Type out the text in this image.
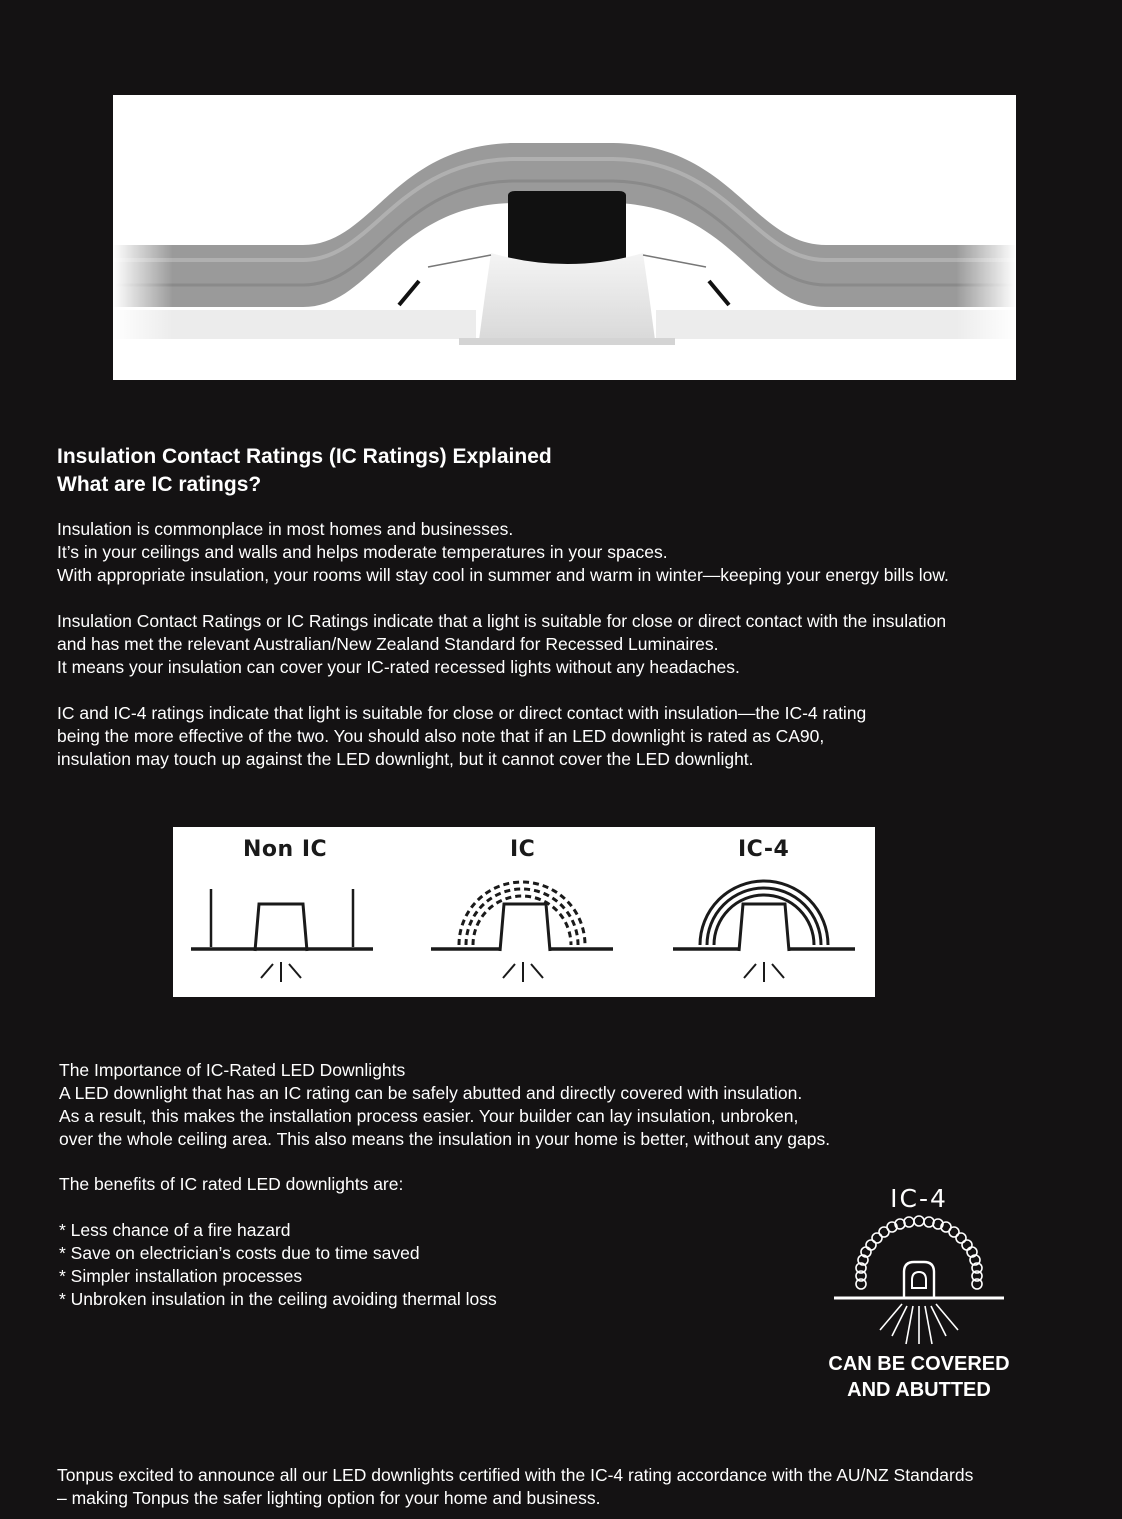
Insulation Contact Ratings (IC Ratings) Explained
What are IC ratings?
Insulation is commonplace in most homes and businesses.
It’s in your ceilings and walls and helps moderate temperatures in your spaces.
With appropriate insulation, your rooms will stay cool in summer and warm in winter—keeping your energy bills low.
Insulation Contact Ratings or IC Ratings indicate that a light is suitable for close or direct contact with the insulation
and has met the relevant Australian/New Zealand Standard for Recessed Luminaires.
It means your insulation can cover your IC-rated recessed lights without any headaches.
IC and IC-4 ratings indicate that light is suitable for close or direct contact with insulation—the IC-4 rating
being the more effective of the two. You should also note that if an LED downlight is rated as CA90,
insulation may touch up against the LED downlight, but it cannot cover the LED downlight.
Non IC	IC	IC-4
The Importance of IC-Rated LED Downlights
A LED downlight that has an IC rating can be safely abutted and directly covered with insulation.
As a result, this makes the installation process easier. Your builder can lay insulation, unbroken,
over the whole ceiling area. This also means the insulation in your home is better, without any gaps.
The benefits of IC rated LED downlights are:
* Less chance of a fire hazard
* Save on electrician’s costs due to time saved
* Simpler installation processes
* Unbroken insulation in the ceiling avoiding thermal loss
IC-4
CAN BE COVERED
AND ABUTTED
Tonpus excited to announce all our LED downlights certified with the IC-4 rating accordance with the AU/NZ Standards
– making Tonpus the safer lighting option for your home and business.
